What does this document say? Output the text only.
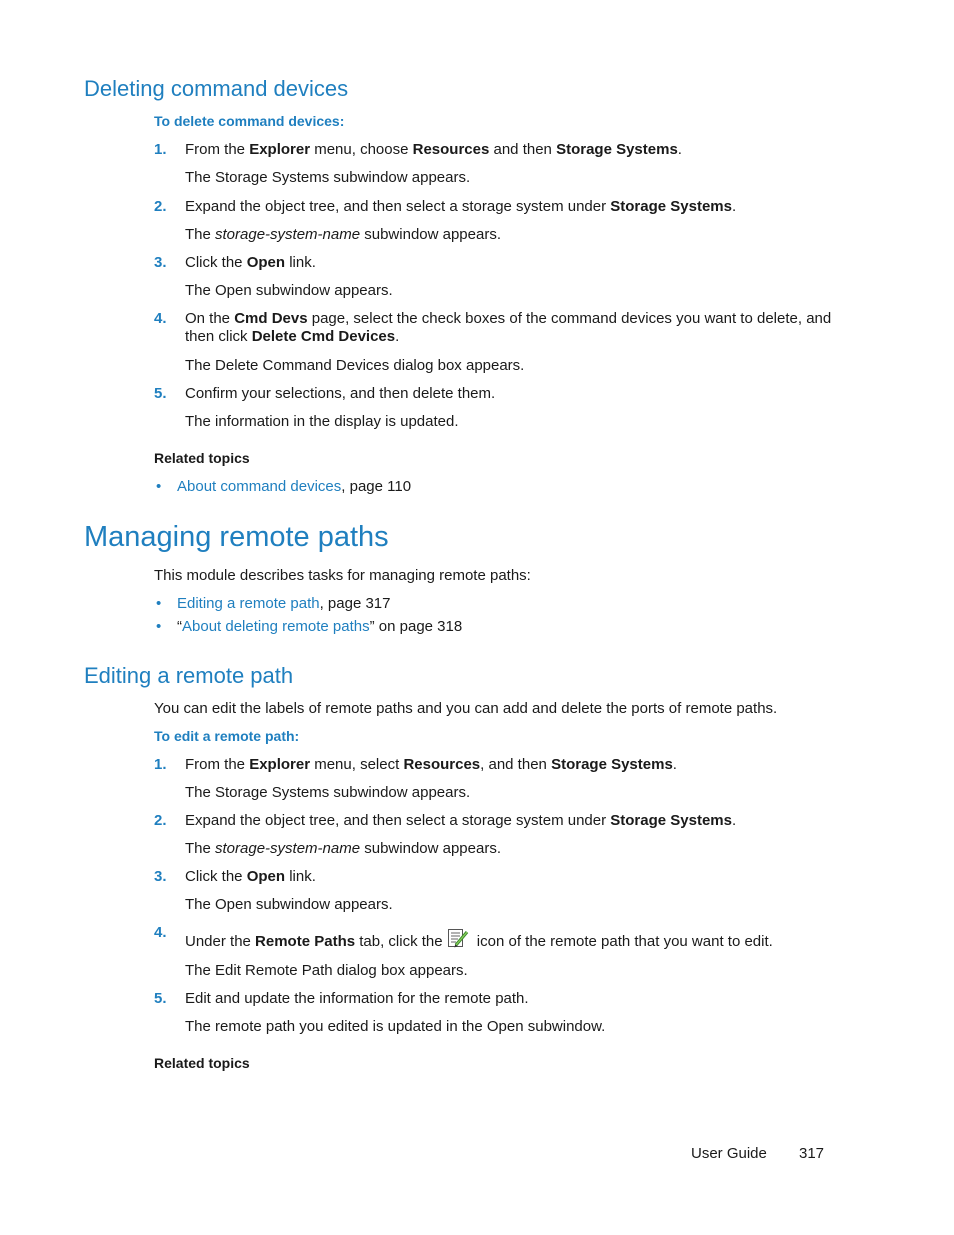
Deleting command devices
To delete command devices:
1. From the Explorer menu, choose Resources and then Storage Systems.
The Storage Systems subwindow appears.
2. Expand the object tree, and then select a storage system under Storage Systems.
The storage-system-name subwindow appears.
3. Click the Open link.
The Open subwindow appears.
4. On the Cmd Devs page, select the check boxes of the command devices you want to delete, and
then click Delete Cmd Devices.
The Delete Command Devices dialog box appears.
5. Confirm your selections, and then delete them.
The information in the display is updated.
Related topics
• About command devices, page 110
Managing remote paths
This module describes tasks for managing remote paths:
• Editing a remote path, page 317
• “About deleting remote paths” on page 318
Editing a remote path
You can edit the labels of remote paths and you can add and delete the ports of remote paths.
To edit a remote path:
1. From the Explorer menu, select Resources, and then Storage Systems.
The Storage Systems subwindow appears.
2. Expand the object tree, and then select a storage system under Storage Systems.
The storage-system-name subwindow appears.
3. Click the Open link.
The Open subwindow appears.
4.
Under the Remote Paths tab, click the icon of the remote path that you want to edit.
The Edit Remote Path dialog box appears.
5. Edit and update the information for the remote path.
The remote path you edited is updated in the Open subwindow.
Related topics
User Guide 317
